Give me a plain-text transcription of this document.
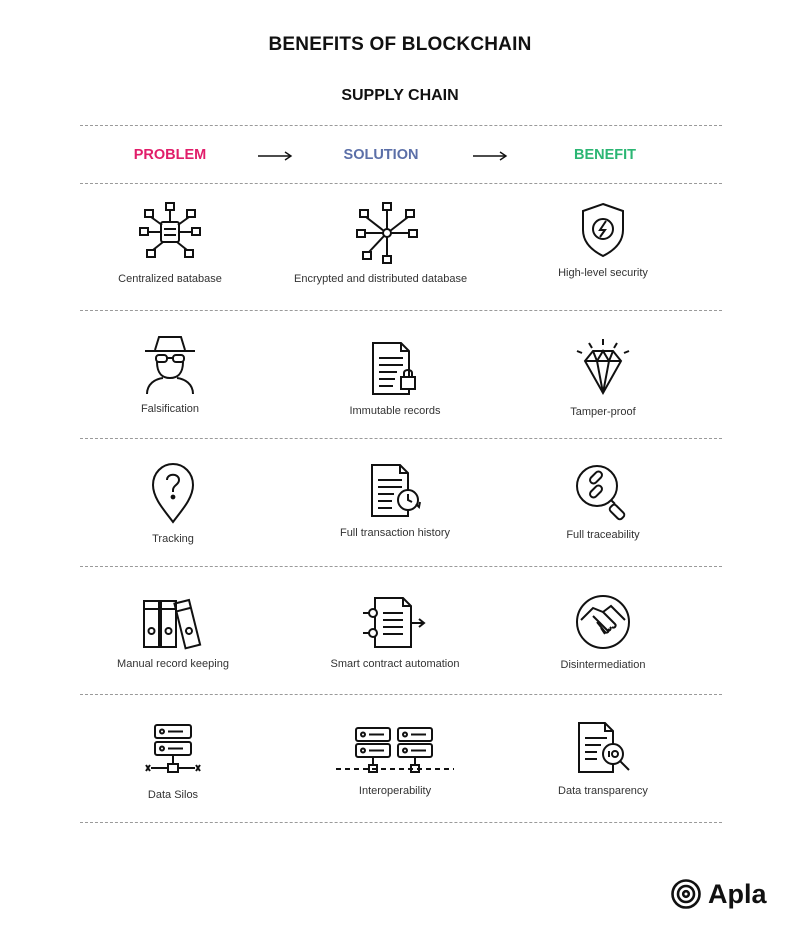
BENEFITS OF BLOCKCHAIN
SUPPLY CHAIN
PROBLEM	SOLUTION	BENEFIT
Centralized вatabase	Encrypted and distributed database	High-level security
Falsification	Immutable records	Tamper-proof
Tracking	Full transaction history	Full traceability
Manual record keeping	Smart contract automation	Disintermediation
Data Silos	Interoperability	Data transparency
Apla
